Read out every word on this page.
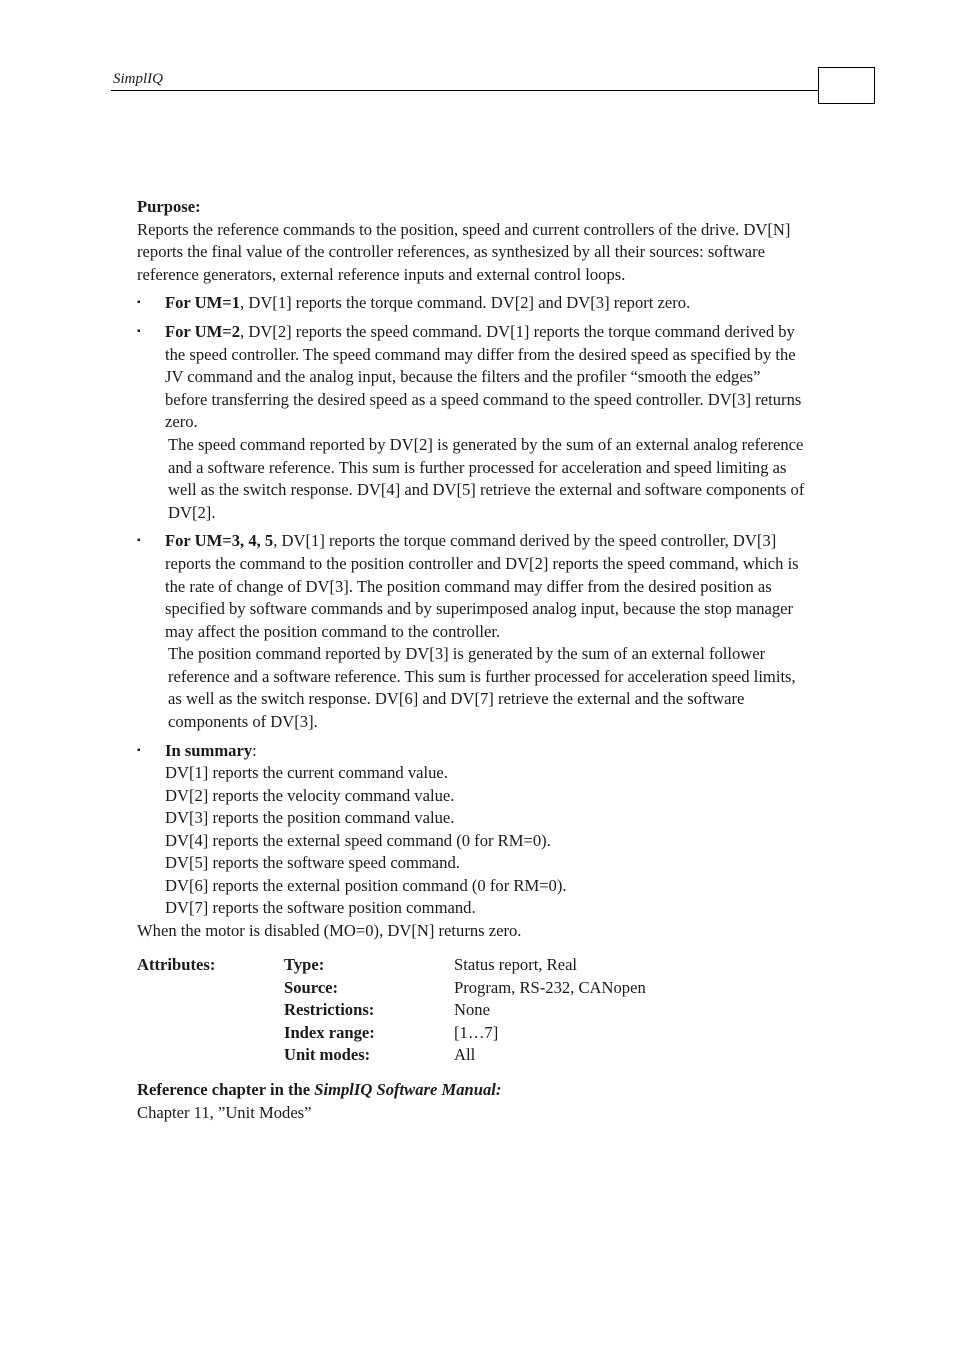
SimplIQ

Purpose:

Reports the reference commands to the position, speed and current controllers of the drive. DV[N] reports the final value of the controller references, as synthesized by all their sources: software reference generators, external reference inputs and external control loops.

▪ For UM=1, DV[1] reports the torque command. DV[2] and DV[3] report zero.
▪ For UM=2, DV[2] reports the speed command. DV[1] reports the torque command derived by the speed controller. The speed command may differ from the desired speed as specified by the JV command and the analog input, because the filters and the profiler “smooth the edges” before transferring the desired speed as a speed command to the speed controller. DV[3] returns zero.

The speed command reported by DV[2] is generated by the sum of an external analog reference and a software reference. This sum is further processed for acceleration and speed limiting as well as the switch response. DV[4] and DV[5] retrieve the external and software components of DV[2].

▪ For UM=3, 4, 5, DV[1] reports the torque command derived by the speed controller, DV[3] reports the command to the position controller and DV[2] reports the speed command, which is the rate of change of DV[3]. The position command may differ from the desired position as specified by software commands and by superimposed analog input, because the stop manager may affect the position command to the controller.

The position command reported by DV[3] is generated by the sum of an external follower reference and a software reference. This sum is further processed for acceleration speed limits, as well as the switch response. DV[6] and DV[7] retrieve the external and the software components of DV[3].

▪ In summary:
DV[1] reports the current command value.
DV[2] reports the velocity command value.
DV[3] reports the position command value.
DV[4] reports the external speed command (0 for RM=0).
DV[5] reports the software speed command.
DV[6] reports the external position command (0 for RM=0).
DV[7] reports the software position command.

When the motor is disabled (MO=0), DV[N] returns zero.

Attributes:	Type:	Status report, Real
Source:	Program, RS-232, CANopen
Restrictions:	None
Index range:	[1…7]
Unit modes:	All

Reference chapter in the SimplIQ Software Manual:

Chapter 11, ”Unit Modes”
